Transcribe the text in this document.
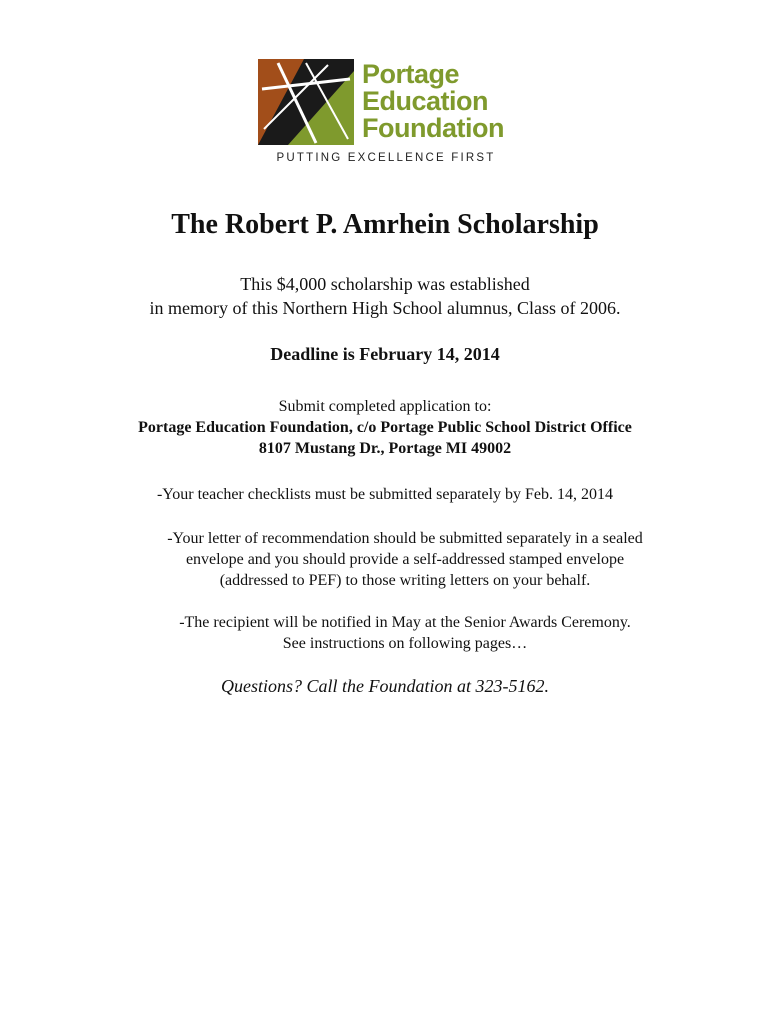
Portage
Education
Foundation
PUTTING EXCELLENCE FIRST
The Robert P. Amrhein Scholarship
This $4,000 scholarship was established
in memory of this Northern High School alumnus, Class of 2006.
Deadline is February 14, 2014
Submit completed application to:
Portage Education Foundation, c/o Portage Public School District Office
8107 Mustang Dr., Portage MI 49002
-Your teacher checklists must be submitted separately by Feb. 14, 2014
-Your letter of recommendation should be submitted separately in a sealed
envelope and you should provide a self-addressed stamped envelope
(addressed to PEF) to those writing letters on your behalf.
-The recipient will be notified in May at the Senior Awards Ceremony.
See instructions on following pages…
Questions? Call the Foundation at 323-5162.
